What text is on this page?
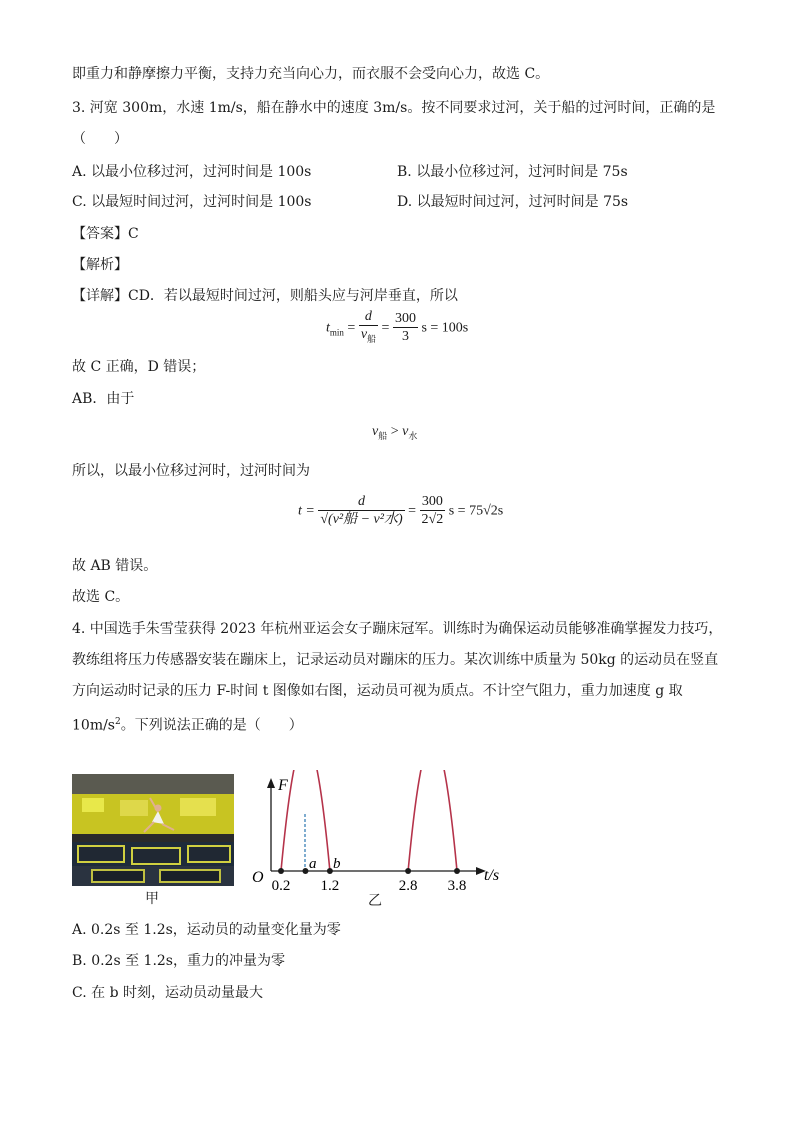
即重力和静摩擦力平衡，支持力充当向心力，而衣服不会受向心力，故选 C。
3. 河宽 300m，水速 1m/s，船在静水中的速度 3m/s。按不同要求过河，关于船的过河时间，正确的是
（　　）
A. 以最小位移过河，过河时间是 100s	B. 以最小位移过河，过河时间是 75s
C. 以最短时间过河，过河时间是 100s	D. 以最短时间过河，过河时间是 75s
【答案】C
【解析】
【详解】CD．若以最短时间过河，则船头应与河岸垂直，所以
$t_{min} = \frac{d}{v_船} = \frac{300}{3}$ s = 100s
故 C 正确，D 错误；
AB．由于
$v_船 > v_水$
所以，以最小位移过河时，过河时间为
$t = \frac{d}{\text{√(v²船 − v²水)}} = \frac{300}{2√2}$ s = 75√2s
故 AB 错误。
故选 C。
4. 中国选手朱雪莹获得 2023 年杭州亚运会女子蹦床冠军。训练时为确保运动员能够准确掌握发力技巧，
教练组将压力传感器安装在蹦床上，记录运动员对蹦床的压力。某次训练中质量为 50kg 的运动员在竖直
方向运动时记录的压力 F-时间 t 图像如右图，运动员可视为质点。不计空气阻力，重力加速度 g 取
$10m/s^2$。下列说法正确的是（　　）
甲
F
t/s
O
a b
0.2 1.2	2.8 3.8
乙
A. 0.2s 至 1.2s，运动员的动量变化量为零
B. 0.2s 至 1.2s，重力的冲量为零
C. 在 b 时刻，运动员动量最大
